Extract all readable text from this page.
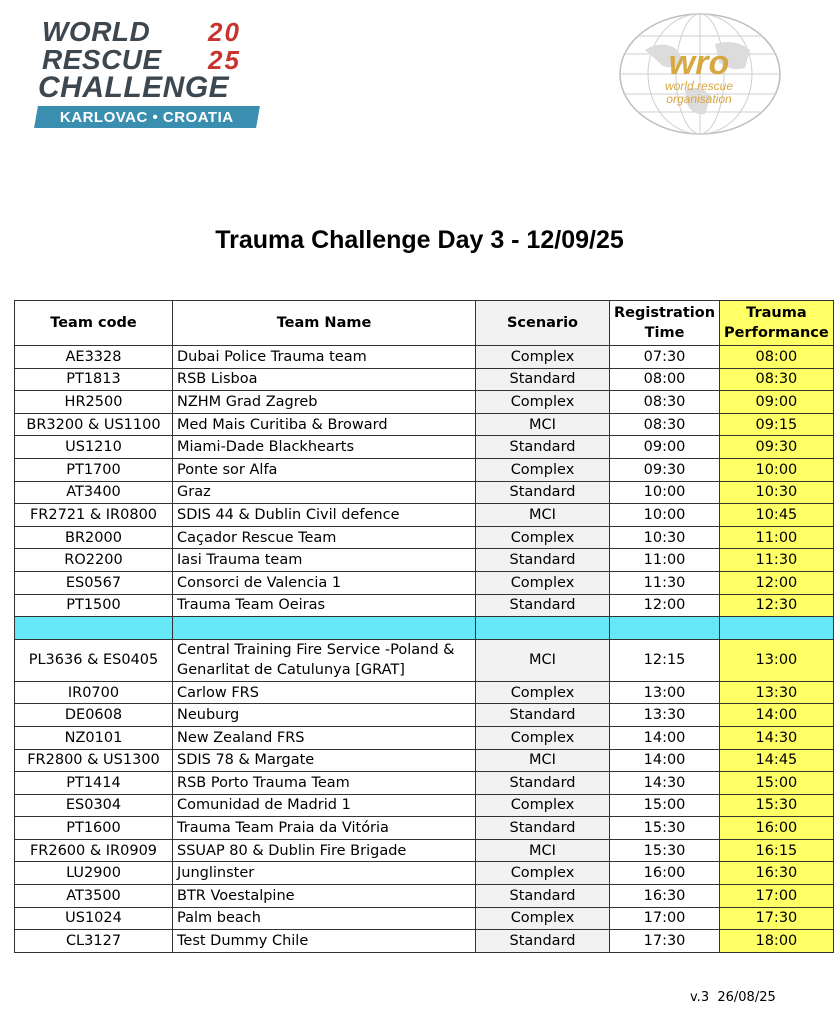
WORLD
RESCUE
CHALLENGE
20
25
KARLOVAC • CROATIA
wro
world rescue
organisation
Trauma Challenge Day 3 - 12/09/25
Team code	Team Name	Scenario	Registration Time	Trauma Performance
AE3328	Dubai Police Trauma team	Complex	07:30	08:00
PT1813	RSB Lisboa	Standard	08:00	08:30
HR2500	NZHM Grad Zagreb	Complex	08:30	09:00
BR3200 & US1100	Med Mais Curitiba & Broward	MCI	08:30	09:15
US1210	Miami-Dade Blackhearts	Standard	09:00	09:30
PT1700	Ponte sor Alfa	Complex	09:30	10:00
AT3400	Graz	Standard	10:00	10:30
FR2721 & IR0800	SDIS 44 & Dublin Civil defence	MCI	10:00	10:45
BR2000	Caçador Rescue Team	Complex	10:30	11:00
RO2200	Iasi Trauma team	Standard	11:00	11:30
ES0567	Consorci de Valencia 1	Complex	11:30	12:00
PT1500	Trauma Team Oeiras	Standard	12:00	12:30

PL3636 & ES0405	Central Training Fire Service -Poland & Genarlitat de Catulunya [GRAT]	MCI	12:15	13:00
IR0700	Carlow FRS	Complex	13:00	13:30
DE0608	Neuburg	Standard	13:30	14:00
NZ0101	New Zealand FRS	Complex	14:00	14:30
FR2800 & US1300	SDIS 78 & Margate	MCI	14:00	14:45
PT1414	RSB Porto Trauma Team	Standard	14:30	15:00
ES0304	Comunidad de Madrid 1	Complex	15:00	15:30
PT1600	Trauma Team Praia da Vitória	Standard	15:30	16:00
FR2600 & IR0909	SSUAP 80 & Dublin Fire Brigade	MCI	15:30	16:15
LU2900	Junglinster	Complex	16:00	16:30
AT3500	BTR Voestalpine	Standard	16:30	17:00
US1024	Palm beach	Complex	17:00	17:30
CL3127	Test Dummy Chile	Standard	17:30	18:00
v.3  26/08/25
